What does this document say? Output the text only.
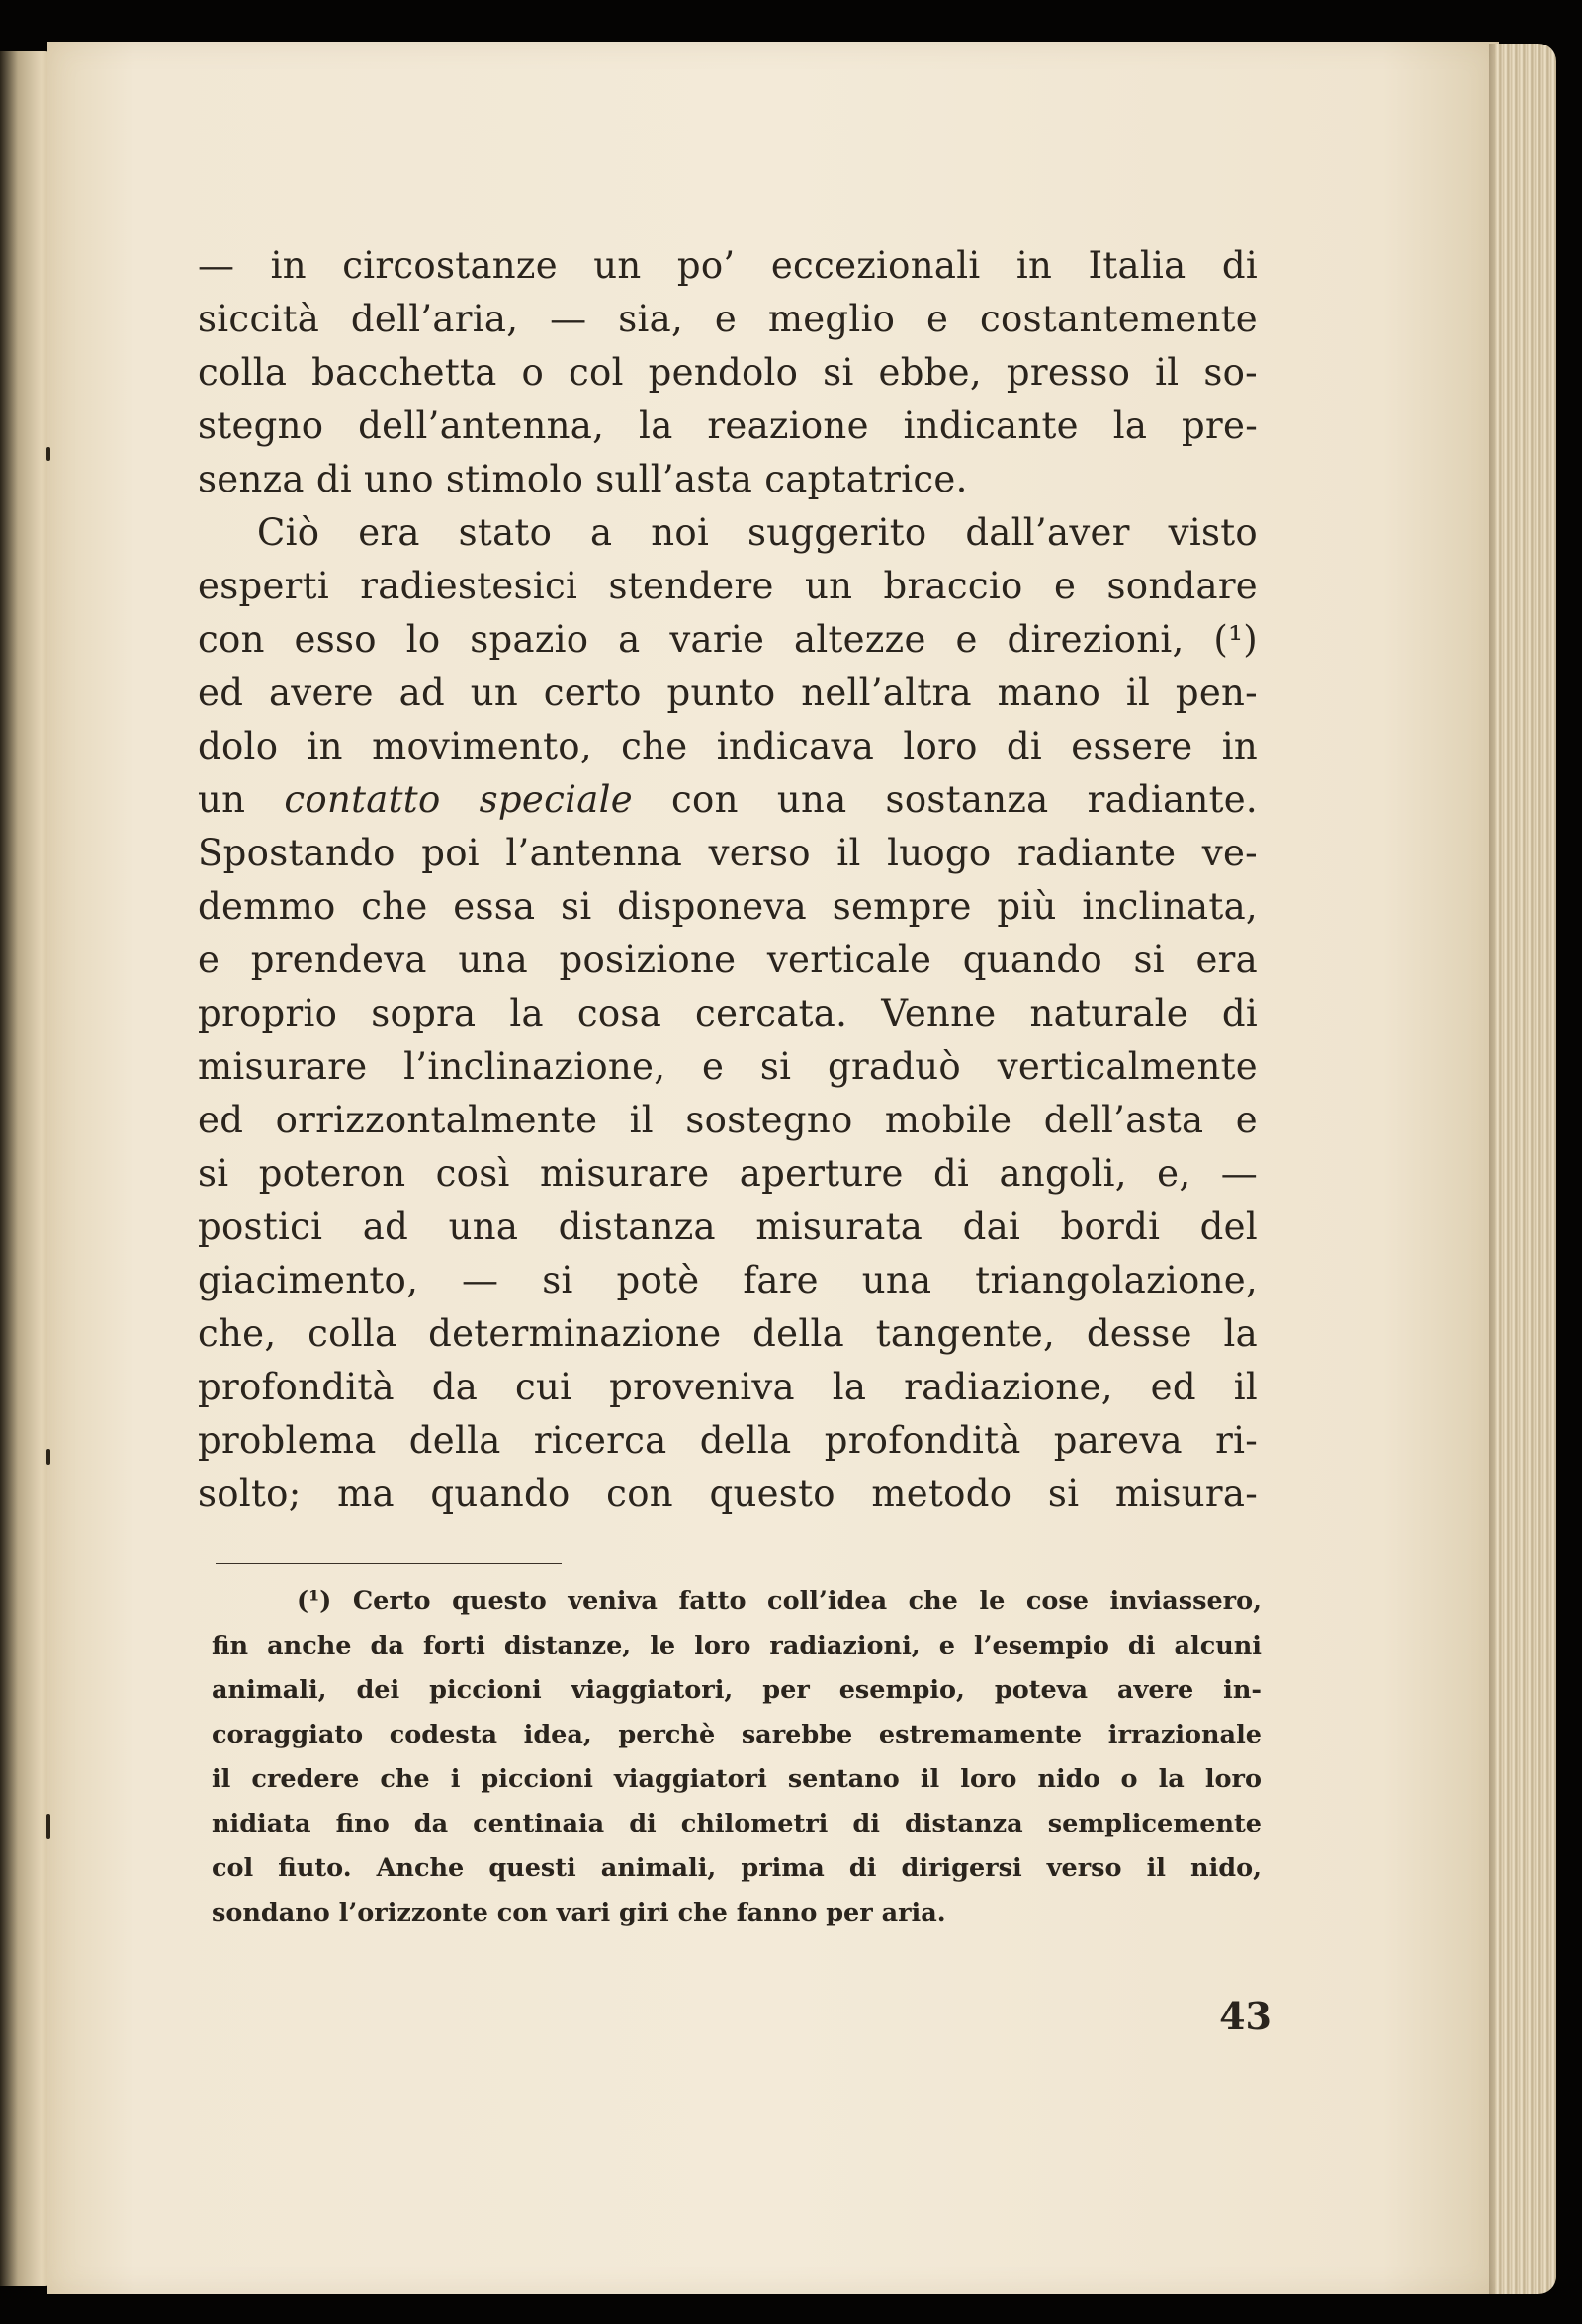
— in circostanze un po’ eccezionali in Italia di
siccità dell’aria, — sia, e meglio e costantemente
colla bacchetta o col pendolo si ebbe, presso il so-
stegno dell’antenna, la reazione indicante la pre-
senza di uno stimolo sull’asta captatrice.
Ciò era stato a noi suggerito dall’aver visto
esperti radiestesici stendere un braccio e sondare
con esso lo spazio a varie altezze e direzioni, (¹)
ed avere ad un certo punto nell’altra mano il pen-
dolo in movimento, che indicava loro di essere in
un contatto speciale con una sostanza radiante.
Spostando poi l’antenna verso il luogo radiante ve-
demmo che essa si disponeva sempre più inclinata,
e prendeva una posizione verticale quando si era
proprio sopra la cosa cercata. Venne naturale di
misurare l’inclinazione, e si graduò verticalmente
ed orrizzontalmente il sostegno mobile dell’asta e
si poteron così misurare aperture di angoli, e, —
postici ad una distanza misurata dai bordi del
giacimento, — si potè fare una triangolazione,
che, colla determinazione della tangente, desse la
profondità da cui proveniva la radiazione, ed il
problema della ricerca della profondità pareva ri-
solto; ma quando con questo metodo si misura-
(¹) Certo questo veniva fatto coll’idea che le cose inviassero,
fin anche da forti distanze, le loro radiazioni, e l’esempio di alcuni
animali, dei piccioni viaggiatori, per esempio, poteva avere in-
coraggiato codesta idea, perchè sarebbe estremamente irrazionale
il credere che i piccioni viaggiatori sentano il loro nido o la loro
nidiata fino da centinaia di chilometri di distanza semplicemente
col fiuto. Anche questi animali, prima di dirigersi verso il nido,
sondano l’orizzonte con vari giri che fanno per aria.
43
